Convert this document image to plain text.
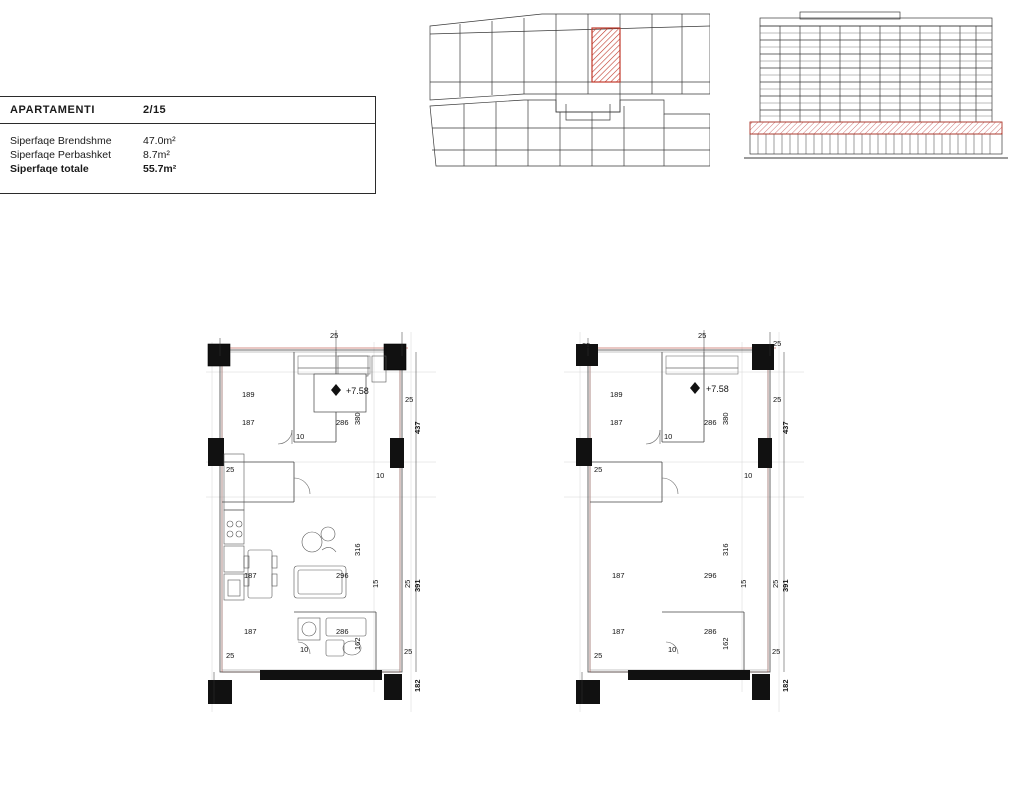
APARTAMENTI	2/15
Siperfaqe Brendshme	47.0m²
Siperfaqe Perbashket	8.7m²
Siperfaqe totale	55.7m²
+7.58
25
189
187
10
25
437
286 380
25
10
316
187	296
15	25 391
187	286
162
10
25	25
182
+7.58
25
25	25
189
187
10
25
437
286 380
25
10
316
187	296
15	25 391
187	286
162
10
25	25
182
